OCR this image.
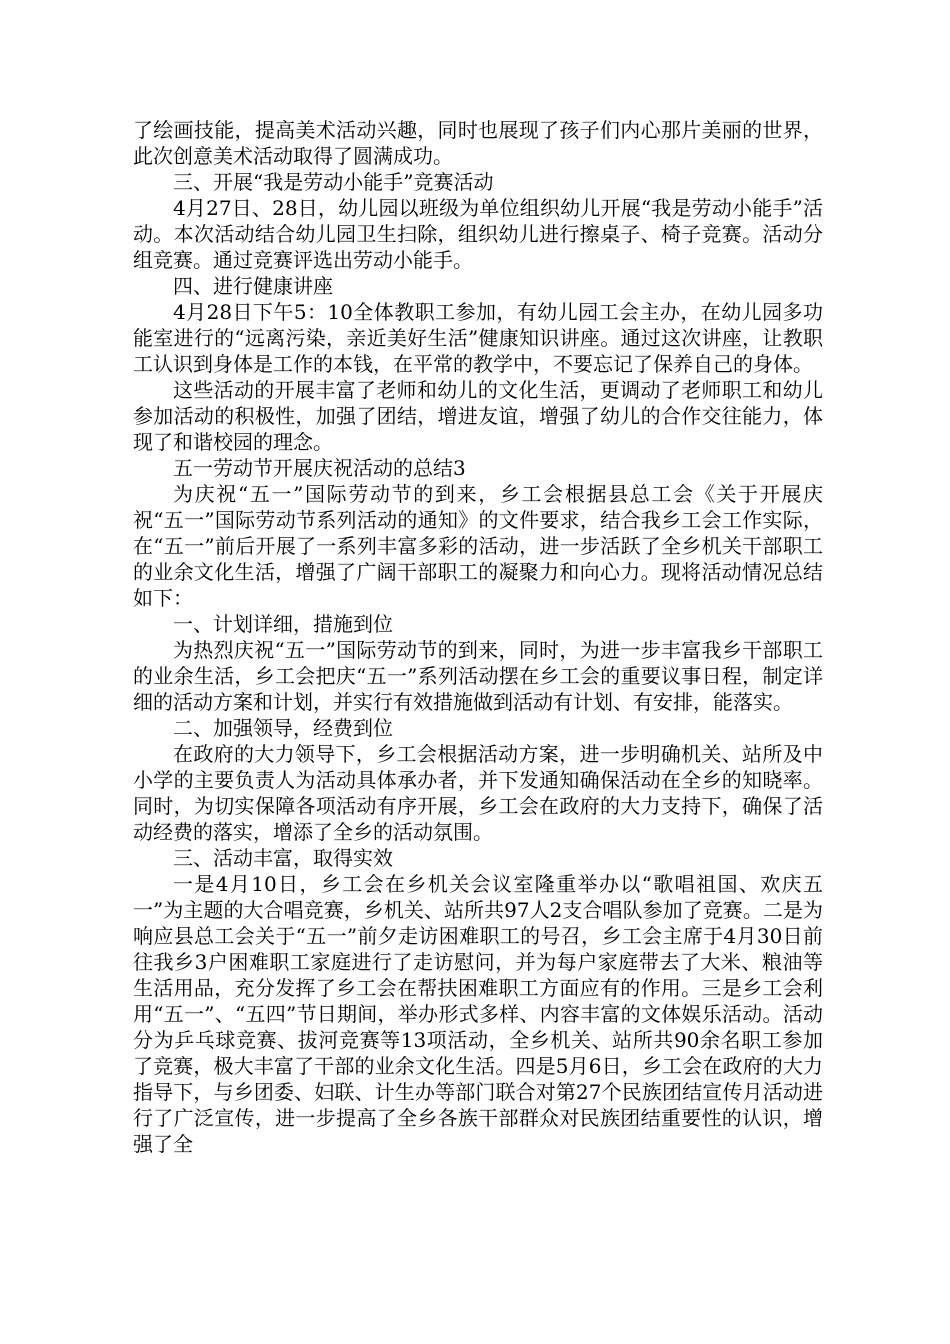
了绘画技能，提高美术活动兴趣，同时也展现了孩子们内心那片美丽的世界，此次创意美术活动取得了圆满成功。

三、开展“我是劳动小能手”竞赛活动

4月27日、28日，幼儿园以班级为单位组织幼儿开展“我是劳动小能手”活动。本次活动结合幼儿园卫生扫除，组织幼儿进行擦桌子、椅子竞赛。活动分组竞赛。通过竞赛评选出劳动小能手。

四、进行健康讲座

4月28日下午5：10全体教职工参加，有幼儿园工会主办，在幼儿园多功能室进行的“远离污染，亲近美好生活”健康知识讲座。通过这次讲座，让教职工认识到身体是工作的本钱，在平常的教学中，不要忘记了保养自己的身体。

这些活动的开展丰富了老师和幼儿的文化生活，更调动了老师职工和幼儿参加活动的积极性，加强了团结，增进友谊，增强了幼儿的合作交往能力，体现了和谐校园的理念。

五一劳动节开展庆祝活动的总结3

为庆祝“五一”国际劳动节的到来，乡工会根据县总工会《关于开展庆祝“五一”国际劳动节系列活动的通知》的文件要求，结合我乡工会工作实际，在“五一”前后开展了一系列丰富多彩的活动，进一步活跃了全乡机关干部职工的业余文化生活，增强了广阔干部职工的凝聚力和向心力。现将活动情况总结如下：

一、计划详细，措施到位

为热烈庆祝“五一”国际劳动节的到来，同时，为进一步丰富我乡干部职工的业余生活，乡工会把庆“五一”系列活动摆在乡工会的重要议事日程，制定详细的活动方案和计划，并实行有效措施做到活动有计划、有安排，能落实。

二、加强领导，经费到位

在政府的大力领导下，乡工会根据活动方案，进一步明确机关、站所及中小学的主要负责人为活动具体承办者，并下发通知确保活动在全乡的知晓率。同时，为切实保障各项活动有序开展，乡工会在政府的大力支持下，确保了活动经费的落实，增添了全乡的活动氛围。

三、活动丰富，取得实效

一是4月10日，乡工会在乡机关会议室隆重举办以“歌唱祖国、欢庆五一”为主题的大合唱竞赛，乡机关、站所共97人2支合唱队参加了竞赛。二是为响应县总工会关于“五一”前夕走访困难职工的号召，乡工会主席于4月30日前往我乡3户困难职工家庭进行了走访慰问，并为每户家庭带去了大米、粮油等生活用品，充分发挥了乡工会在帮扶困难职工方面应有的作用。三是乡工会利用“五一”、“五四”节日期间，举办形式多样、内容丰富的文体娱乐活动。活动分为乒乓球竞赛、拔河竞赛等13项活动，全乡机关、站所共90余名职工参加了竞赛，极大丰富了干部的业余文化生活。四是5月6日，乡工会在政府的大力指导下，与乡团委、妇联、计生办等部门联合对第27个民族团结宣传月活动进行了广泛宣传，进一步提高了全乡各族干部群众对民族团结重要性的认识，增强了全
